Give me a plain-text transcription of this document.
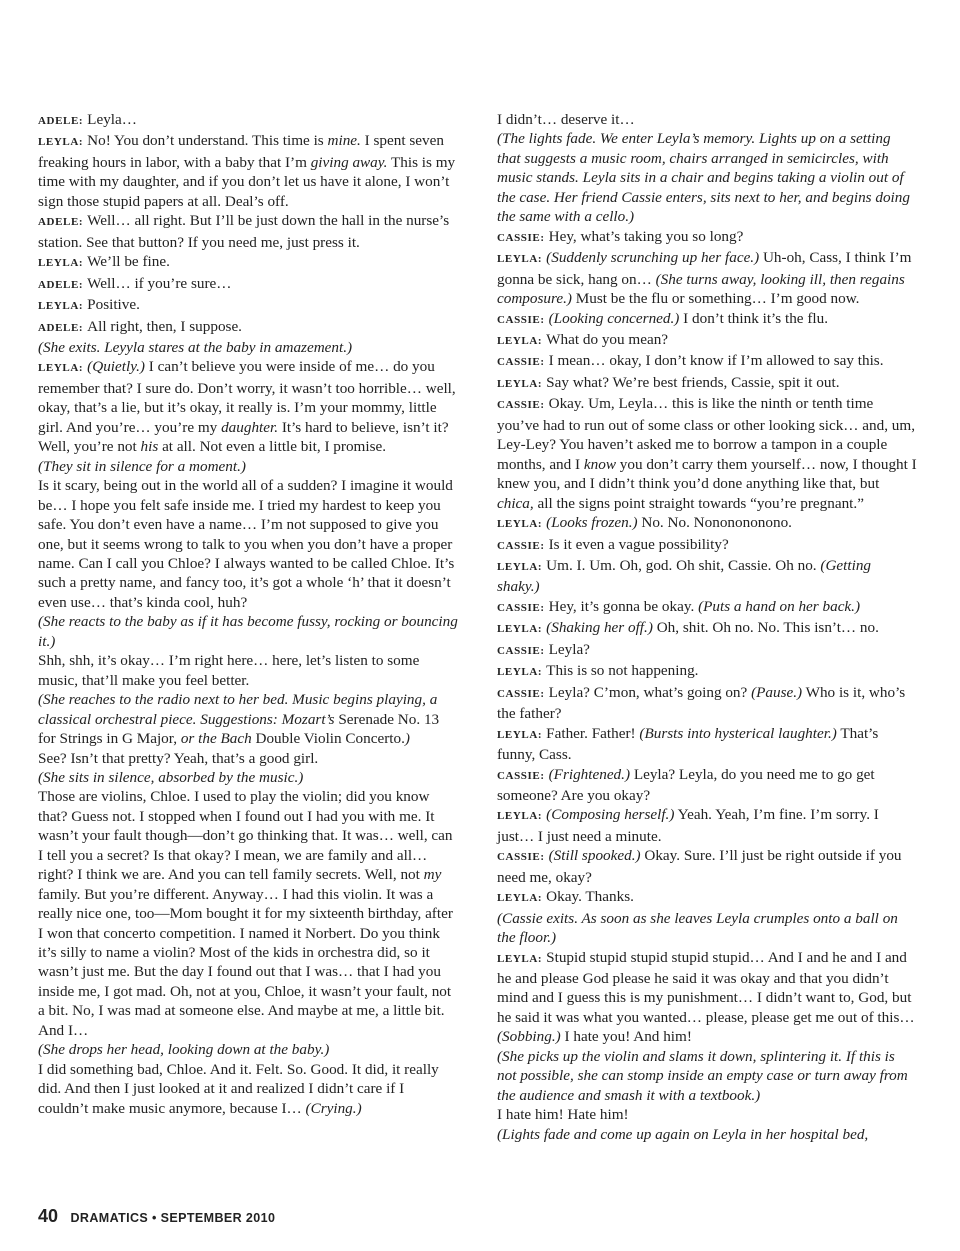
ADELE: Leyla…

LEYLA: No! You don’t understand. This time is mine. I spent seven freaking hours in labor, with a baby that I’m giving away. This is my time with my daughter, and if you don’t let us have it alone, I won’t sign those stupid papers at all. Deal’s off.

ADELE: Well… all right. But I’ll be just down the hall in the nurse’s station. See that button? If you need me, just press it.

LEYLA: We’ll be fine.

ADELE: Well… if you’re sure…

LEYLA: Positive.

ADELE: All right, then, I suppose.

(She exits. Leyyla stares at the baby in amazement.)

LEYLA: (Quietly.) I can’t believe you were inside of me… do you remember that? I sure do. Don’t worry, it wasn’t too horrible… well, okay, that’s a lie, but it’s okay, it really is. I’m your mommy, little girl. And you’re… you’re my daughter. It’s hard to believe, isn’t it? Well, you’re not his at all. Not even a little bit, I promise.

(They sit in silence for a moment.)

Is it scary, being out in the world all of a sudden? I imagine it would be… I hope you felt safe inside me. I tried my hardest to keep you safe. You don’t even have a name… I’m not supposed to give you one, but it seems wrong to talk to you when you don’t have a proper name. Can I call you Chloe? I always wanted to be called Chloe. It’s such a pretty name, and fancy too, it’s got a whole ‘h’ that it doesn’t even use… that’s kinda cool, huh?

(She reacts to the baby as if it has become fussy, rocking or bouncing it.)

Shh, shh, it’s okay… I’m right here… here, let’s listen to some music, that’ll make you feel better.

(She reaches to the radio next to her bed. Music begins playing, a classical orchestral piece. Suggestions: Mozart’s Serenade No. 13 for Strings in G Major, or the Bach Double Violin Concerto.)

See? Isn’t that pretty? Yeah, that’s a good girl.

(She sits in silence, absorbed by the music.)

Those are violins, Chloe. I used to play the violin; did you know that? Guess not. I stopped when I found out I had you with me. It wasn’t your fault though—don’t go thinking that. It was… well, can I tell you a secret? Is that okay? I mean, we are family and all… right? I think we are. And you can tell family secrets. Well, not my family. But you’re different. Anyway… I had this violin. It was a really nice one, too—Mom bought it for my sixteenth birthday, after I won that concerto competition. I named it Norbert. Do you think it’s silly to name a violin? Most of the kids in orchestra did, so it wasn’t just me. But the day I found out that I was… that I had you inside me, I got mad. Oh, not at you, Chloe, it wasn’t your fault, not a bit. No, I was mad at someone else. And maybe at me, a little bit. And I…

(She drops her head, looking down at the baby.)

I did something bad, Chloe. And it. Felt. So. Good. It did, it really did. And then I just looked at it and realized I didn’t care if I couldn’t make music anymore, because I… (Crying.)

I didn’t… deserve it…

(The lights fade. We enter Leyla’s memory. Lights up on a setting that suggests a music room, chairs arranged in semicircles, with music stands. Leyla sits in a chair and begins taking a violin out of the case. Her friend Cassie enters, sits next to her, and begins doing the same with a cello.)

CASSIE: Hey, what’s taking you so long?

LEYLA: (Suddenly scrunching up her face.) Uh-oh, Cass, I think I’m gonna be sick, hang on… (She turns away, looking ill, then regains composure.) Must be the flu or something… I’m good now.

CASSIE: (Looking concerned.) I don’t think it’s the flu.

LEYLA: What do you mean?

CASSIE: I mean… okay, I don’t know if I’m allowed to say this.

LEYLA: Say what? We’re best friends, Cassie, spit it out.

CASSIE: Okay. Um, Leyla… this is like the ninth or tenth time you’ve had to run out of some class or other looking sick… and, um, Ley-Ley? You haven’t asked me to borrow a tampon in a couple months, and I know you don’t carry them yourself… now, I thought I knew you, and I didn’t think you’d done anything like that, but chica, all the signs point straight towards “you’re pregnant.”

LEYLA: (Looks frozen.) No. No. Nononononono.

CASSIE: Is it even a vague possibility?

LEYLA: Um. I. Um. Oh, god. Oh shit, Cassie. Oh no. (Getting shaky.)

CASSIE: Hey, it’s gonna be okay. (Puts a hand on her back.)

LEYLA: (Shaking her off.) Oh, shit. Oh no. No. This isn’t… no.

CASSIE: Leyla?

LEYLA: This is so not happening.

CASSIE: Leyla? C’mon, what’s going on? (Pause.) Who is it, who’s the father?

LEYLA: Father. Father! (Bursts into hysterical laughter.) That’s funny, Cass.

CASSIE: (Frightened.) Leyla? Leyla, do you need me to go get someone? Are you okay?

LEYLA: (Composing herself.) Yeah. Yeah, I’m fine. I’m sorry. I just… I just need a minute.

CASSIE: (Still spooked.) Okay. Sure. I’ll just be right outside if you need me, okay?

LEYLA: Okay. Thanks.

(Cassie exits. As soon as she leaves Leyla crumples onto a ball on the floor.)

LEYLA: Stupid stupid stupid stupid stupid… And I and he and I and he and please God please he said it was okay and that you didn’t mind and I guess this is my punishment… I didn’t want to, God, but he said it was what you wanted… please, please get me out of this… (Sobbing.) I hate you! And him!

(She picks up the violin and slams it down, splintering it. If this is not possible, she can stomp inside an empty case or turn away from the audience and smash it with a textbook.)

I hate him! Hate him!

(Lights fade and come up again on Leyla in her hospital bed,

40 DRAMATICS • SEPTEMBER 2010
